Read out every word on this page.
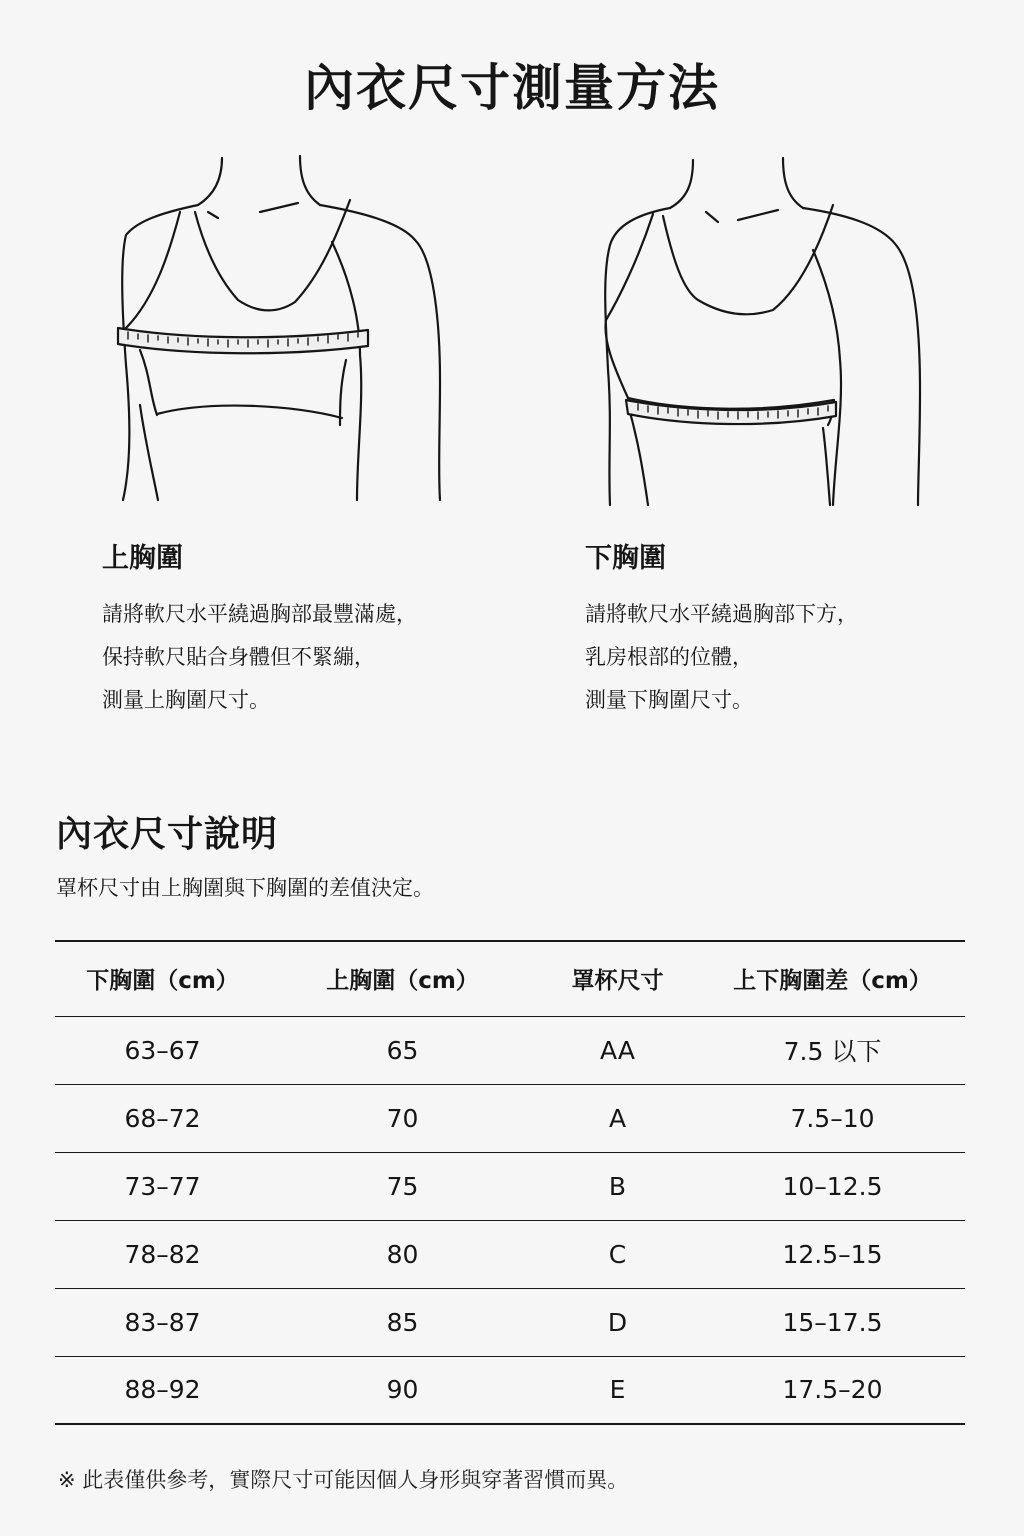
內衣尺寸測量方法
上胸圍
請將軟尺水平繞過胸部最豐滿處，
保持軟尺貼合身體但不緊繃，
測量上胸圍尺寸。
下胸圍
請將軟尺水平繞過胸部下方，
乳房根部的位體，
測量下胸圍尺寸。
內衣尺寸說明
罩杯尺寸由上胸圍與下胸圍的差值決定。
下胸圍（cm）	上胸圍（cm）	罩杯尺寸	上下胸圍差（cm）
63–67	65	AA	7.5 以下
68–72	70	A	7.5–10
73–77	75	B	10–12.5
78–82	80	C	12.5–15
83–87	85	D	15–17.5
88–92	90	E	17.5–20
※ 此表僅供參考，實際尺寸可能因個人身形與穿著習慣而異。
